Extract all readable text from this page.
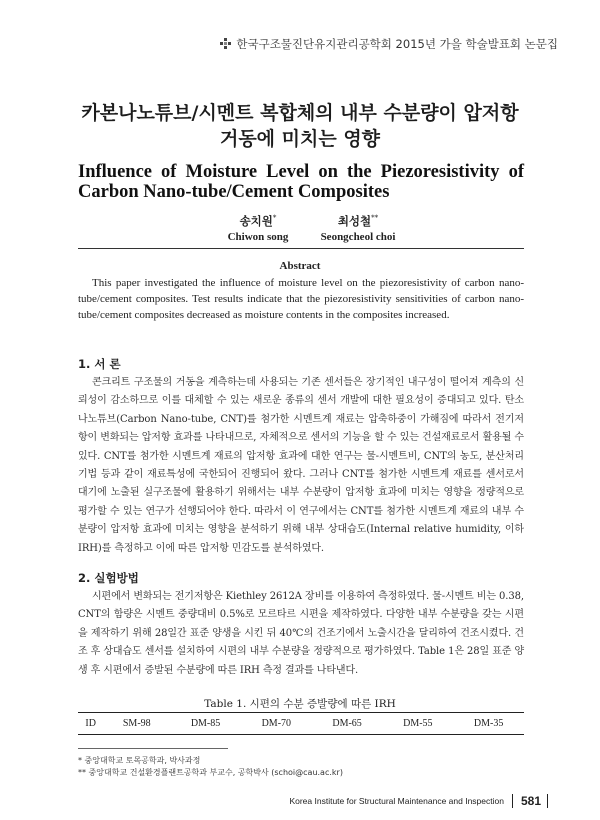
한국구조물진단유지관리공학회 2015년 가을 학술발표회 논문집
카본나노튜브/시멘트 복합체의 내부 수분량이 압저항
거동에 미치는 영향
Influence of Moisture Level on the Piezoresistivity of
Carbon Nano-tube/Cement Composites
송치원*
Chiwon song
최성철**
Seongcheol choi
Abstract
This paper investigated the influence of moisture level on the piezoresistivity of carbon nano-tube/cement composites. Test results indicate that the piezoresistivity sensitivities of carbon nano-tube/cement composites decreased as moisture contents in the composites increased.
1. 서 론
콘크리트 구조물의 거동을 계측하는데 사용되는 기존 센서들은 장기적인 내구성이 떨어져 계측의 신뢰성이 감소하므로 이를 대체할 수 있는 새로운 종류의 센서 개발에 대한 필요성이 증대되고 있다. 탄소나노튜브(Carbon Nano-tube, CNT)를 첨가한 시멘트계 재료는 압축하중이 가해짐에 따라서 전기저항이 변화되는 압저항 효과를 나타내므로, 자체적으로 센서의 기능을 할 수 있는 건설재료로서 활용될 수 있다. CNT를 첨가한 시멘트계 재료의 압저항 효과에 대한 연구는 물-시멘트비, CNT의 농도, 분산처리 기법 등과 같이 재료특성에 국한되어 진행되어 왔다. 그러나 CNT를 첨가한 시멘트계 재료를 센서로서 대기에 노출된 실구조물에 활용하기 위해서는 내부 수분량이 압저항 효과에 미치는 영향을 정량적으로 평가할 수 있는 연구가 선행되어야 한다. 따라서 이 연구에서는 CNT를 첨가한 시멘트계 재료의 내부 수분량이 압저항 효과에 미치는 영향을 분석하기 위해 내부 상대습도(Internal relative humidity, 이하 IRH)를 측정하고 이에 따른 압저항 민감도를 분석하였다.
2. 실험방법
시편에서 변화되는 전기저항은 Kiethley 2612A 장비를 이용하여 측정하였다. 물-시멘트 비는 0.38, CNT의 함량은 시멘트 중량대비 0.5%로 모르타르 시편을 제작하였다. 다양한 내부 수분량을 갖는 시편을 제작하기 위해 28일간 표준 양생을 시킨 뒤 40℃의 건조기에서 노출시간을 달리하여 건조시켰다. 건조 후 상대습도 센서를 설치하여 시편의 내부 수분량을 정량적으로 평가하였다. Table 1은 28일 표준 양생 후 시편에서 증발된 수분량에 따른 IRH 측정 결과를 나타낸다.
Table 1. 시편의 수분 증발량에 따른 IRH
ID	SM-98	DM-85	DM-70	DM-65	DM-55	DM-35
* 중앙대학교 토목공학과, 박사과정
** 중앙대학교 건설환경플랜트공학과 부교수, 공학박사 (schoi@cau.ac.kr)
Korea Institute for Structural Maintenance and Inspection 581
